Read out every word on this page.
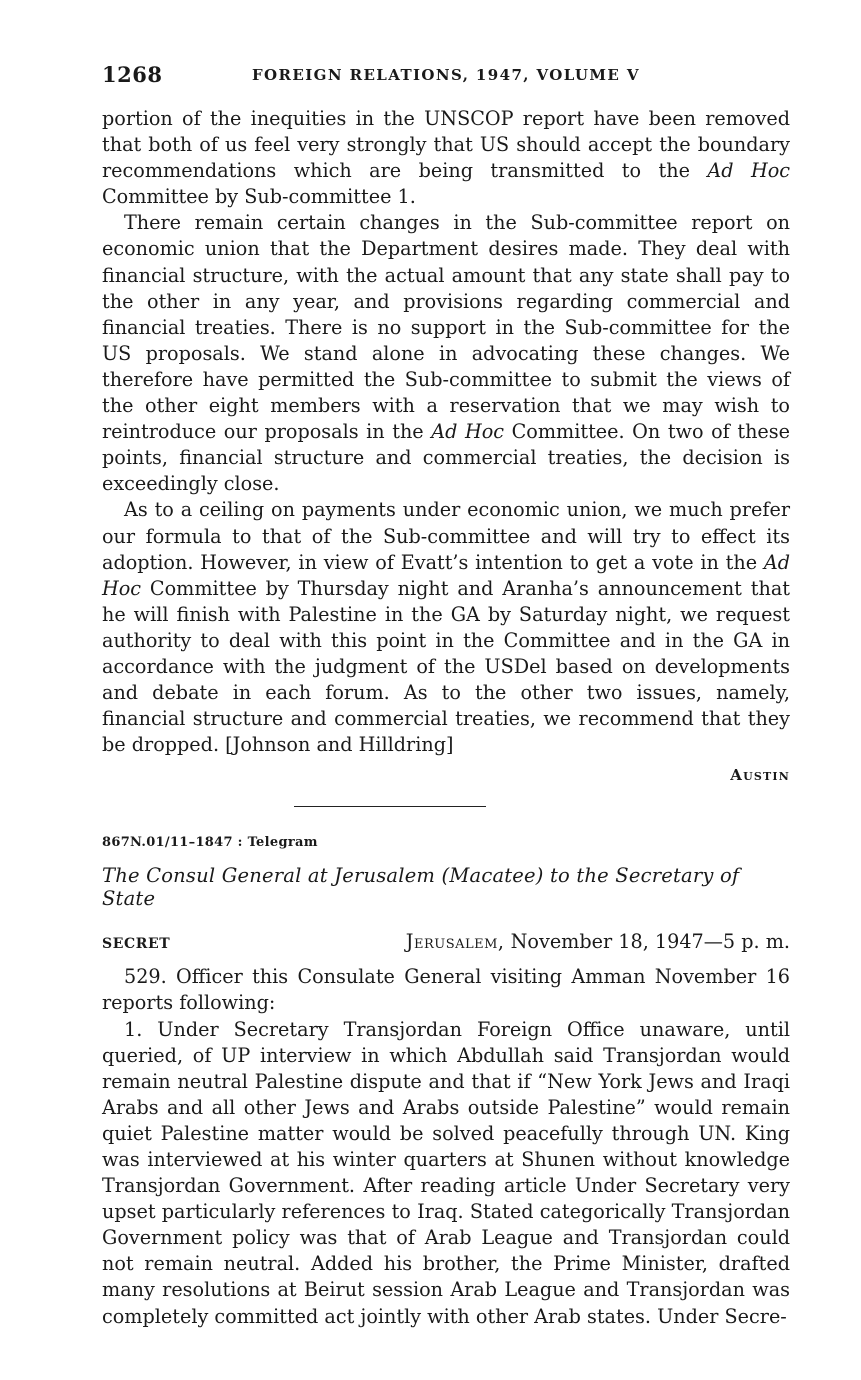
1268	FOREIGN RELATIONS, 1947, VOLUME V

portion of the inequities in the UNSCOP report have been removed that both of us feel very strongly that US should accept the boundary recommendations which are being transmitted to the Ad Hoc Committee by Sub-committee 1.

There remain certain changes in the Sub-committee report on economic union that the Department desires made. They deal with financial structure, with the actual amount that any state shall pay to the other in any year, and provisions regarding commercial and financial treaties. There is no support in the Sub-committee for the US proposals. We stand alone in advocating these changes. We therefore have permitted the Sub-committee to submit the views of the other eight members with a reservation that we may wish to reintroduce our proposals in the Ad Hoc Committee. On two of these points, financial structure and commercial treaties, the decision is exceedingly close.

As to a ceiling on payments under economic union, we much prefer our formula to that of the Sub-committee and will try to effect its adoption. However, in view of Evatt’s intention to get a vote in the Ad Hoc Committee by Thursday night and Aranha’s announcement that he will finish with Palestine in the GA by Saturday night, we request authority to deal with this point in the Committee and in the GA in accordance with the judgment of the USDel based on developments and debate in each forum. As to the other two issues, namely, financial structure and commercial treaties, we recommend that they be dropped. [Johnson and Hilldring]

Austin
867N.01/11–1847 : Telegram
The Consul General at Jerusalem (Macatee) to the Secretary of State
SECRET	Jerusalem, November 18, 1947—5 p. m.

529. Officer this Consulate General visiting Amman November 16 reports following:

1. Under Secretary Transjordan Foreign Office unaware, until queried, of UP interview in which Abdullah said Transjordan would remain neutral Palestine dispute and that if “New York Jews and Iraqi Arabs and all other Jews and Arabs outside Palestine” would remain quiet Palestine matter would be solved peacefully through UN. King was interviewed at his winter quarters at Shunen without knowledge Transjordan Government. After reading article Under Secretary very upset particularly references to Iraq. Stated categorically Transjordan Government policy was that of Arab League and Transjordan could not remain neutral. Added his brother, the Prime Minister, drafted many resolutions at Beirut session Arab League and Transjordan was completely committed act jointly with other Arab states. Under Secre-
